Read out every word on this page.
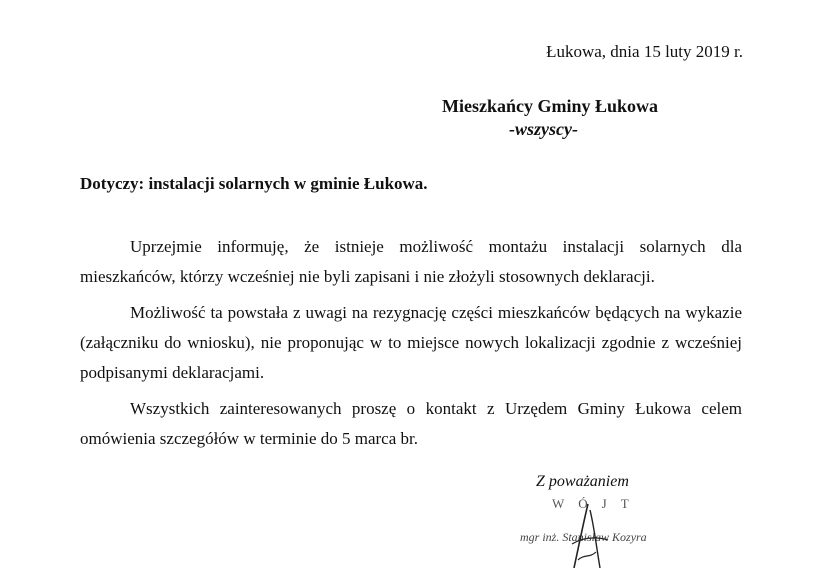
Łukowa, dnia 15 luty 2019 r.
Mieszkańcy Gminy Łukowa
-wszyscy-
Dotyczy: instalacji solarnych w gminie Łukowa.

Uprzejmie informuję, że istnieje możliwość montażu instalacji solarnych dla mieszkańców, którzy wcześniej nie byli zapisani i nie złożyli stosownych deklaracji.

Możliwość ta powstała z uwagi na rezygnację części mieszkańców będących na wykazie (załączniku do wniosku), nie proponując w to miejsce nowych lokalizacji zgodnie z wcześniej podpisanymi deklaracjami.

Wszystkich zainteresowanych proszę o kontakt z Urzędem Gminy Łukowa celem omówienia szczegółów w terminie do 5 marca br.

Z poważaniem
WÓJT
mgr inż. Stanisław Kozyra
